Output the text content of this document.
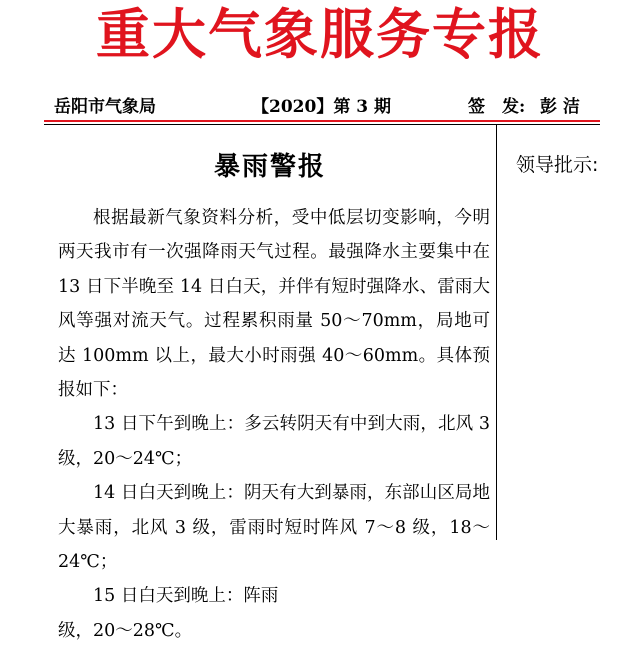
重大气象服务专报
岳阳市气象局	【2020】第 3 期	签　发: 彭 洁
领导批示:
暴雨警报

根据最新气象资料分析，受中低层切变影响，今明两天我市有一次强降雨天气过程。最强降水主要集中在 13 日下半晚至 14 日白天，并伴有短时强降水、雷雨大风等强对流天气。过程累积雨量 50～70mm，局地可达 100mm 以上，最大小时雨强 40～60mm。具体预报如下：

13 日下午到晚上：多云转阴天有中到大雨，北风 3 级，20～24℃；

14 日白天到晚上：阴天有大到暴雨，东部山区局地大暴雨，北风 3 级，雷雨时短时阵风 7～8 级，18～24℃；

15 日白天到晚上：阵雨

级，20～28℃。
